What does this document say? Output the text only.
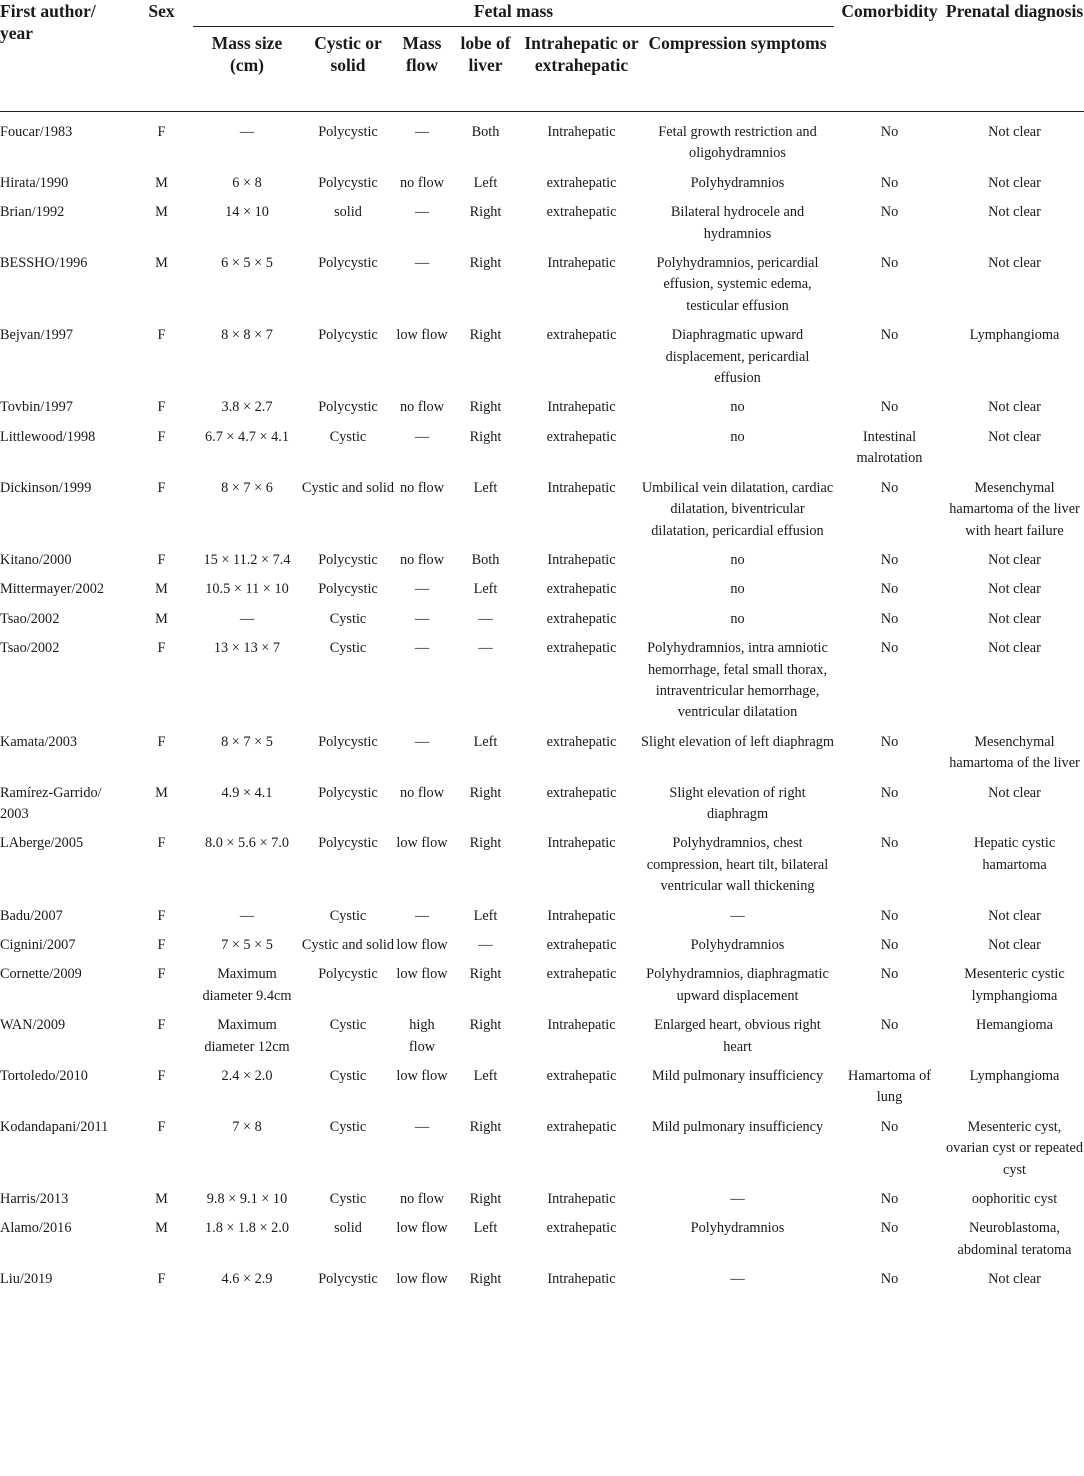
First author/ year	Sex	Fetal mass						Comorbidity	Prenatal diagnosis
		Mass size (cm)	Cystic or solid	Mass flow	lobe of liver	Intrahepatic or extrahepatic	Compression symptoms		
Foucar/1983	F	—	Polycystic	—	Both	Intrahepatic	Fetal growth restriction and oligohydramnios	No	Not clear
Hirata/1990	M	6 × 8	Polycystic	no flow	Left	extrahepatic	Polyhydramnios	No	Not clear
Brian/1992	M	14 × 10	solid	—	Right	extrahepatic	Bilateral hydrocele and hydramnios	No	Not clear
BESSHO/1996	M	6 × 5 × 5	Polycystic	—	Right	Intrahepatic	Polyhydramnios, pericardial effusion, systemic edema, testicular effusion	No	Not clear
Bejvan/1997	F	8 × 8 × 7	Polycystic	low flow	Right	extrahepatic	Diaphragmatic upward displacement, pericardial effusion	No	Lymphangioma
Tovbin/1997	F	3.8 × 2.7	Polycystic	no flow	Right	Intrahepatic	no	No	Not clear
Littlewood/1998	F	6.7 × 4.7 × 4.1	Cystic	—	Right	extrahepatic	no	Intestinal malrotation	Not clear
Dickinson/1999	F	8 × 7 × 6	Cystic and solid	no flow	Left	Intrahepatic	Umbilical vein dilatation, cardiac dilatation, biventricular dilatation, pericardial effusion	No	Mesenchymal hamartoma of the liver with heart failure
Kitano/2000	F	15 × 11.2 × 7.4	Polycystic	no flow	Both	Intrahepatic	no	No	Not clear
Mittermayer/2002	M	10.5 × 11 × 10	Polycystic	—	Left	extrahepatic	no	No	Not clear
Tsao/2002	M	—	Cystic	—	—	extrahepatic	no	No	Not clear
Tsao/2002	F	13 × 13 × 7	Cystic	—	—	extrahepatic	Polyhydramnios, intra amniotic hemorrhage, fetal small thorax, intraventricular hemorrhage, ventricular dilatation	No	Not clear
Kamata/2003	F	8 × 7 × 5	Polycystic	—	Left	extrahepatic	Slight elevation of left diaphragm	No	Mesenchymal hamartoma of the liver
Ramírez-Garrido/ 2003	M	4.9 × 4.1	Polycystic	no flow	Right	extrahepatic	Slight elevation of right diaphragm	No	Not clear
LAberge/2005	F	8.0 × 5.6 × 7.0	Polycystic	low flow	Right	Intrahepatic	Polyhydramnios, chest compression, heart tilt, bilateral ventricular wall thickening	No	Hepatic cystic hamartoma
Badu/2007	F	—	Cystic	—	Left	Intrahepatic	—	No	Not clear
Cignini/2007	F	7 × 5 × 5	Cystic and solid	low flow	—	extrahepatic	Polyhydramnios	No	Not clear
Cornette/2009	F	Maximum diameter 9.4cm	Polycystic	low flow	Right	extrahepatic	Polyhydramnios, diaphragmatic upward displacement	No	Mesenteric cystic lymphangioma
WAN/2009	F	Maximum diameter 12cm	Cystic	high flow	Right	Intrahepatic	Enlarged heart, obvious right heart	No	Hemangioma
Tortoledo/2010	F	2.4 × 2.0	Cystic	low flow	Left	extrahepatic	Mild pulmonary insufficiency	Hamartoma of lung	Lymphangioma
Kodandapani/2011	F	7 × 8	Cystic	—	Right	extrahepatic	Mild pulmonary insufficiency	No	Mesenteric cyst, ovarian cyst or repeated cyst
Harris/2013	M	9.8 × 9.1 × 10	Cystic	no flow	Right	Intrahepatic	—	No	oophoritic cyst
Alamo/2016	M	1.8 × 1.8 × 2.0	solid	low flow	Left	extrahepatic	Polyhydramnios	No	Neuroblastoma, abdominal teratoma
Liu/2019	F	4.6 × 2.9	Polycystic	low flow	Right	Intrahepatic	—	No	Not clear
